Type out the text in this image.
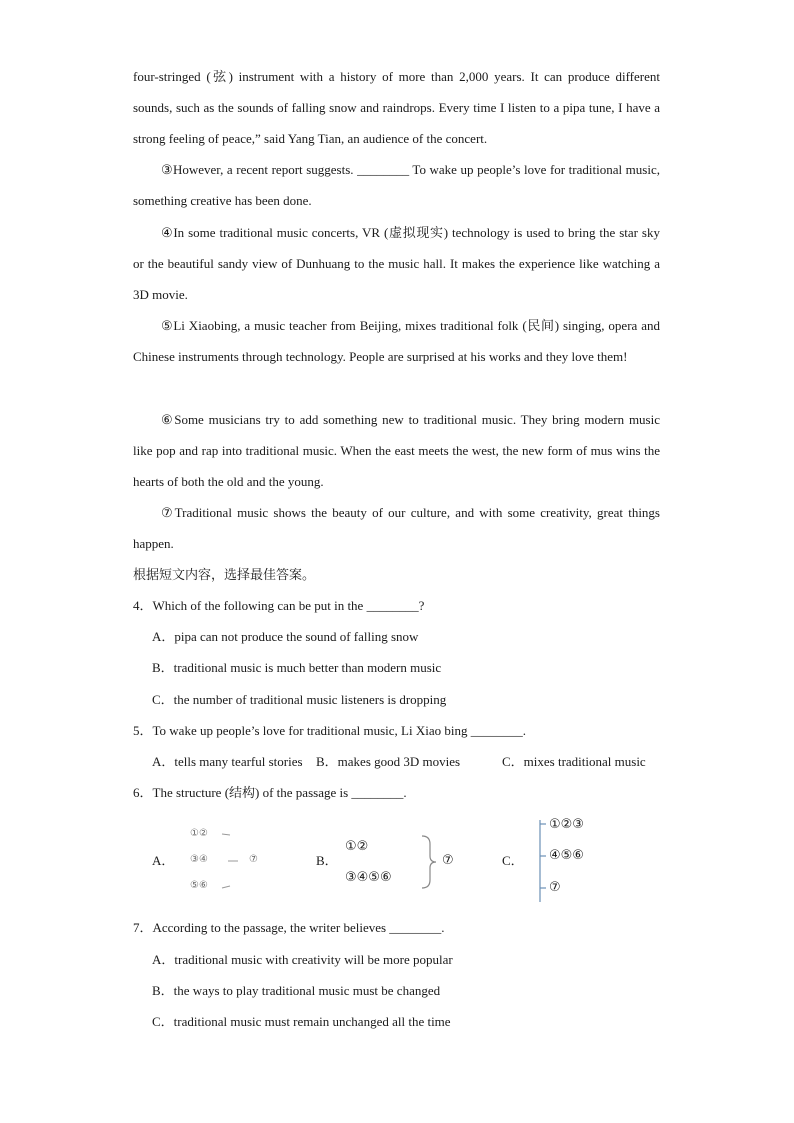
four-stringed (弦) instrument with a history of more than 2,000 years. It can produce different sounds, such as the sounds of falling snow and raindrops. Every time I listen to a pipa tune, I have a strong feeling of peace,” said Yang Tian, an audience of the concert.

③However, a recent report suggests. ________ To wake up people’s love for traditional music, something creative has been done.

④In some traditional music concerts, VR (虚拟现实) technology is used to bring the star sky or the beautiful sandy view of Dunhuang to the music hall. It makes the experience like watching a 3D movie.

⑤Li Xiaobing, a music teacher from Beijing, mixes traditional folk (民间) singing, opera and Chinese instruments through technology. People are surprised at his works and they love them!

⑥Some musicians try to add something new to traditional music. They bring modern music like pop and rap into traditional music. When the east meets the west, the new form of mus wins the hearts of both the old and the young.

⑦Traditional music shows the beauty of our culture, and with some creativity, great things happen.

根据短文内容，选择最佳答案。

4．Which of the following can be put in the ________?

A．pipa can not produce the sound of falling snow

B．traditional music is much better than modern music

C．the number of traditional music listeners is dropping

5．To wake up people’s love for traditional music, Li Xiao bing ________.

A．tells many tearful stories B．makes good 3D movies	C．mixes traditional music

6．The structure (结构) of the passage is ________.

A．
①②
③④
⑤⑥
⑦	B．
①②
③④⑤⑥
⑦	C．
①②③
④⑤⑥
⑦

7．According to the passage, the writer believes ________.

A．traditional music with creativity will be more popular

B．the ways to play traditional music must be changed

C．traditional music must remain unchanged all the time
